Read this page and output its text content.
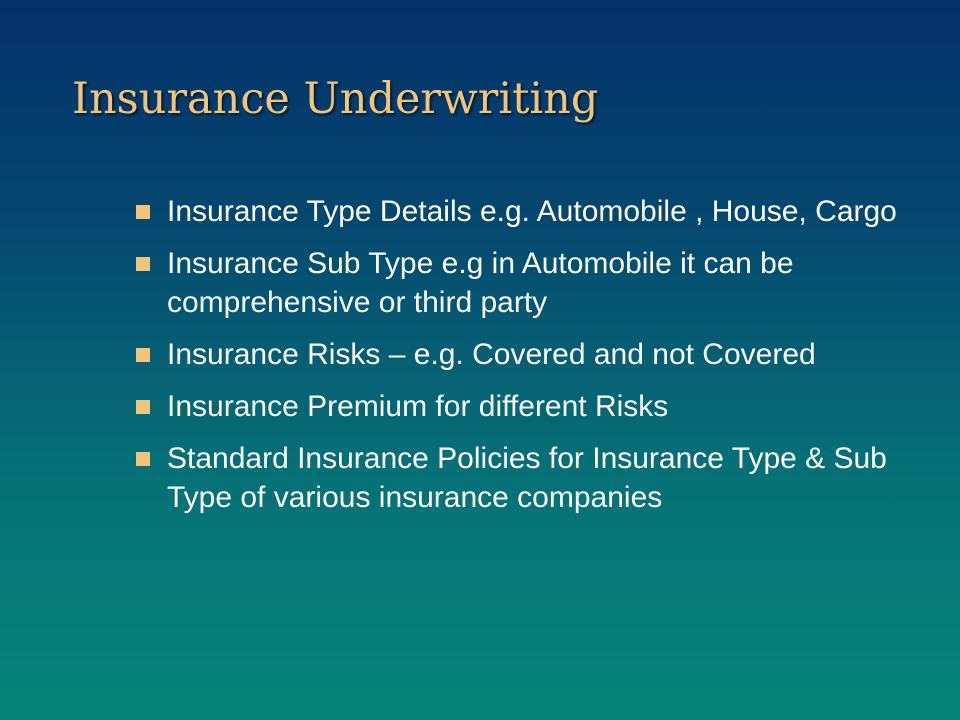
Insurance Underwriting
Insurance Type Details e.g. Automobile , House, Cargo
Insurance Sub Type e.g in Automobile it can be comprehensive or third party
Insurance Risks – e.g. Covered and not Covered
Insurance Premium for different Risks
Standard Insurance Policies for Insurance Type & Sub Type of various insurance companies
